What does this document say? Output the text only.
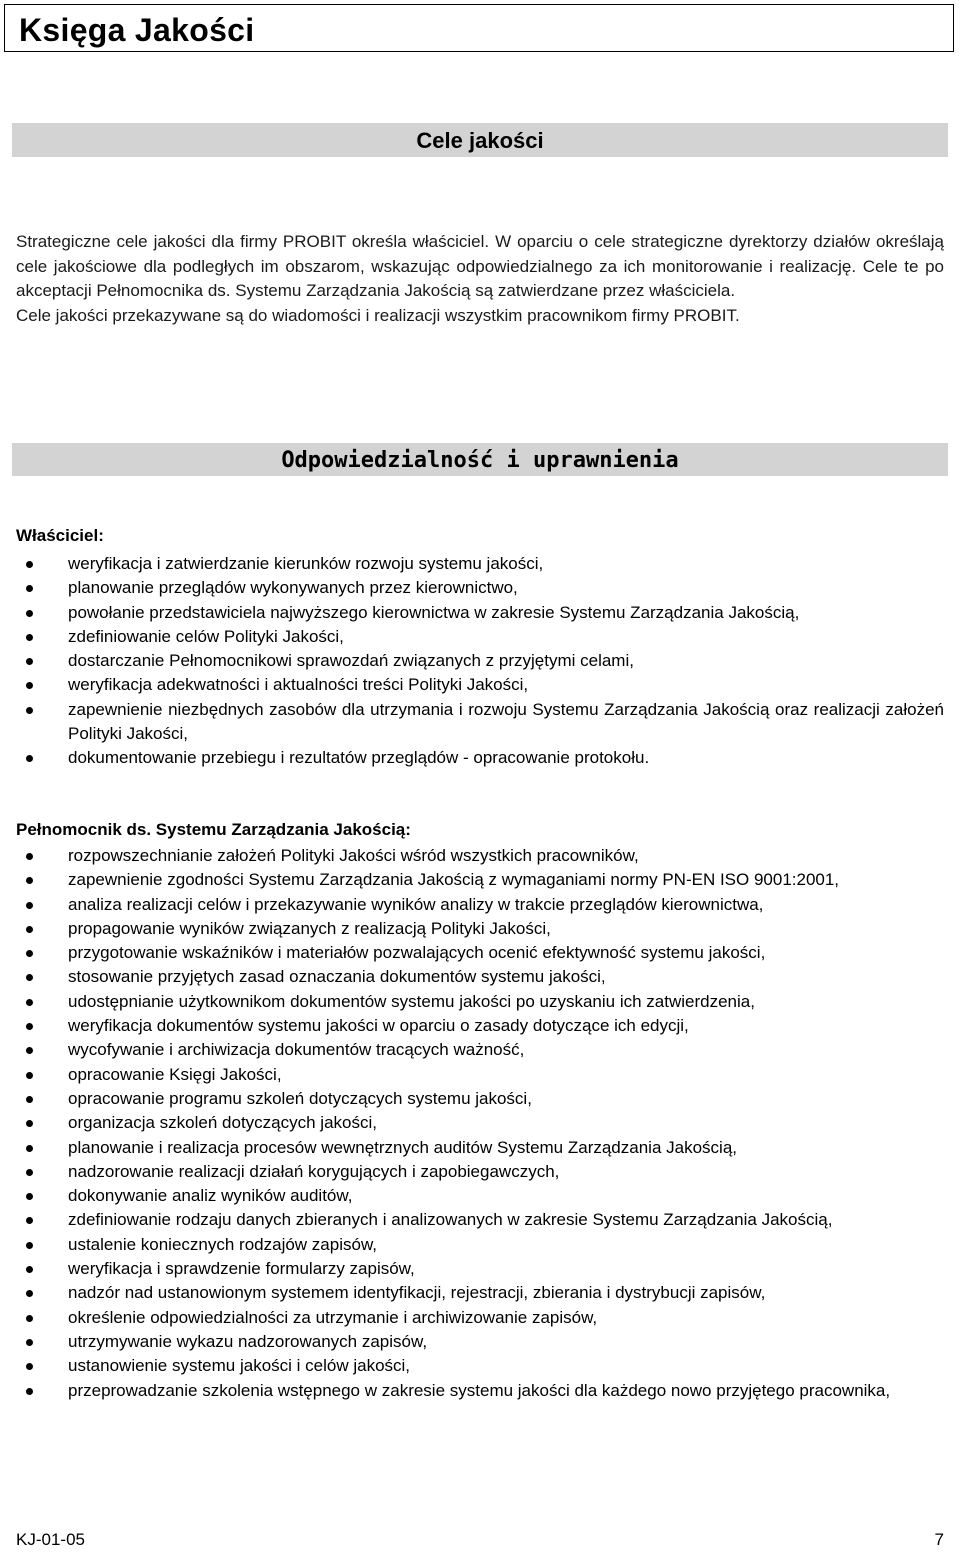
Księga Jakości
Cele jakości

Strategiczne cele jakości dla firmy PROBIT określa właściciel. W oparciu o cele strategiczne dyrektorzy działów określają cele jakościowe dla podległych im obszarom, wskazując odpowiedzialnego za ich monitorowanie i realizację. Cele te po akceptacji Pełnomocnika ds. Systemu Zarządzania Jakością są zatwierdzane przez właściciela.

Cele jakości przekazywane są do wiadomości i realizacji wszystkim pracownikom firmy PROBIT.

Odpowiedzialność i uprawnienia
Właściciel:
weryfikacja i zatwierdzanie kierunków rozwoju systemu jakości,
planowanie przeglądów wykonywanych przez kierownictwo,
powołanie przedstawiciela najwyższego kierownictwa w zakresie Systemu Zarządzania Jakością,
zdefiniowanie celów Polityki Jakości,
dostarczanie Pełnomocnikowi sprawozdań związanych z przyjętymi celami,
weryfikacja adekwatności i aktualności treści Polityki Jakości,
zapewnienie niezbędnych zasobów dla utrzymania i rozwoju Systemu Zarządzania Jakością oraz realizacji założeń Polityki Jakości,
dokumentowanie przebiegu i rezultatów przeglądów - opracowanie protokołu.
Pełnomocnik ds. Systemu Zarządzania Jakością:
rozpowszechnianie założeń Polityki Jakości wśród wszystkich pracowników,
zapewnienie zgodności Systemu Zarządzania Jakością z wymaganiami normy PN-EN ISO 9001:2001,
analiza realizacji celów i przekazywanie wyników analizy w trakcie przeglądów kierownictwa,
propagowanie wyników związanych z realizacją Polityki Jakości,
przygotowanie wskaźników i materiałów pozwalających ocenić efektywność systemu jakości,
stosowanie przyjętych zasad oznaczania dokumentów systemu jakości,
udostępnianie użytkownikom dokumentów systemu jakości po uzyskaniu ich zatwierdzenia,
weryfikacja dokumentów systemu jakości w oparciu o zasady dotyczące ich edycji,
wycofywanie i archiwizacja dokumentów tracących ważność,
opracowanie Księgi Jakości,
opracowanie programu szkoleń dotyczących systemu jakości,
organizacja szkoleń dotyczących jakości,
planowanie i realizacja procesów wewnętrznych auditów Systemu Zarządzania Jakością,
nadzorowanie realizacji działań korygujących i zapobiegawczych,
dokonywanie analiz wyników auditów,
zdefiniowanie rodzaju danych zbieranych i analizowanych w zakresie Systemu Zarządzania Jakością,
ustalenie koniecznych rodzajów zapisów,
weryfikacja i sprawdzenie formularzy zapisów,
nadzór nad ustanowionym systemem identyfikacji, rejestracji, zbierania i dystrybucji zapisów,
określenie odpowiedzialności za utrzymanie i archiwizowanie zapisów,
utrzymywanie wykazu nadzorowanych zapisów,
ustanowienie systemu jakości i celów jakości,
przeprowadzanie szkolenia wstępnego w zakresie systemu jakości dla każdego nowo przyjętego pracownika,
KJ-01-05	7
